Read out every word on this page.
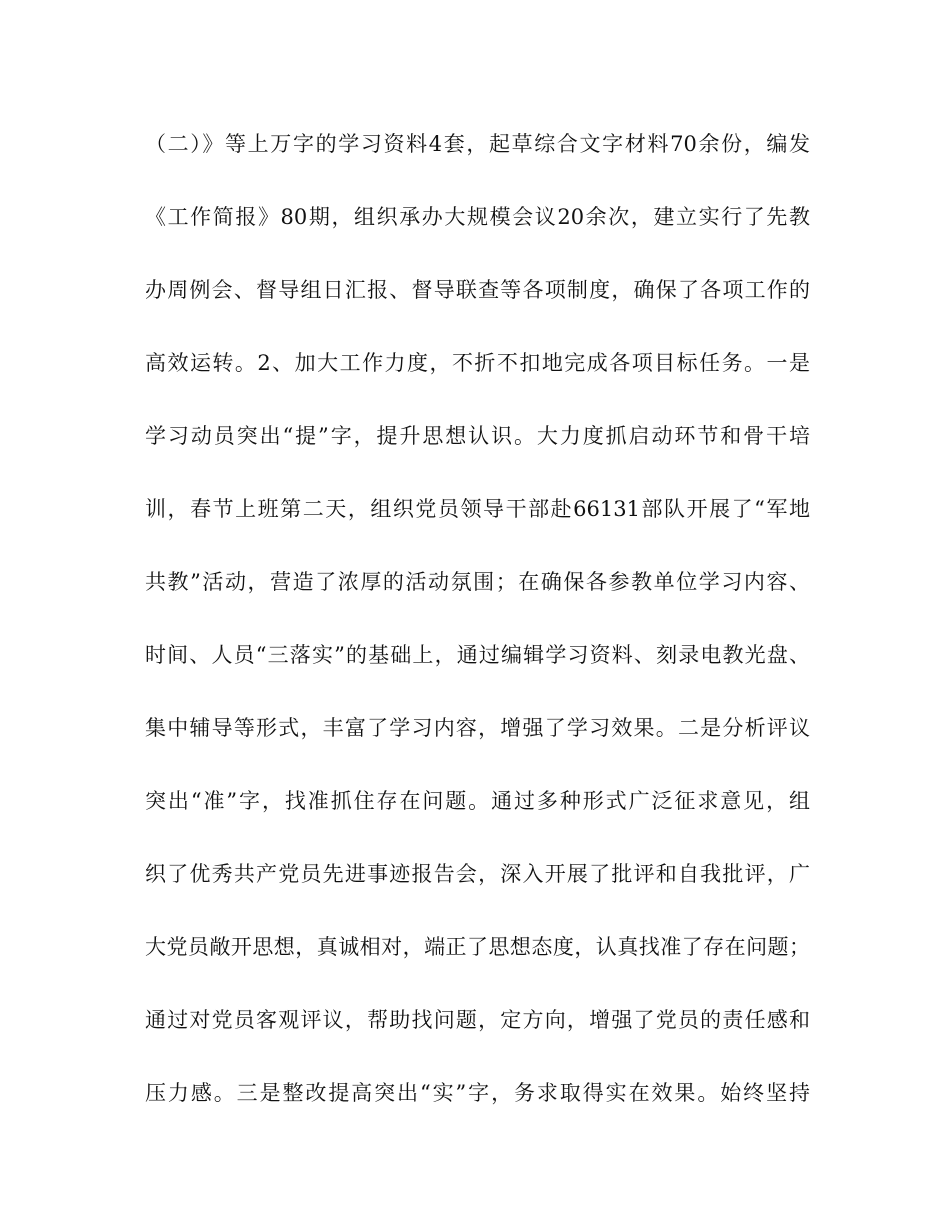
（二）》等上万字的学习资料4套，起草综合文字材料70余份，编发
《工作简报》80期，组织承办大规模会议20余次，建立实行了先教
办周例会、督导组日汇报、督导联查等各项制度，确保了各项工作的
高效运转。2、加大工作力度，不折不扣地完成各项目标任务。一是
学习动员突出“提”字，提升思想认识。大力度抓启动环节和骨干培
训，春节上班第二天，组织党员领导干部赴66131部队开展了“军地
共教”活动，营造了浓厚的活动氛围；在确保各参教单位学习内容、
时间、人员“三落实”的基础上，通过编辑学习资料、刻录电教光盘、
集中辅导等形式，丰富了学习内容，增强了学习效果。二是分析评议
突出“准”字，找准抓住存在问题。通过多种形式广泛征求意见，组
织了优秀共产党员先进事迹报告会，深入开展了批评和自我批评，广
大党员敞开思想，真诚相对，端正了思想态度，认真找准了存在问题；
通过对党员客观评议，帮助找问题，定方向，增强了党员的责任感和
压力感。三是整改提高突出“实”字，务求取得实在效果。始终坚持
